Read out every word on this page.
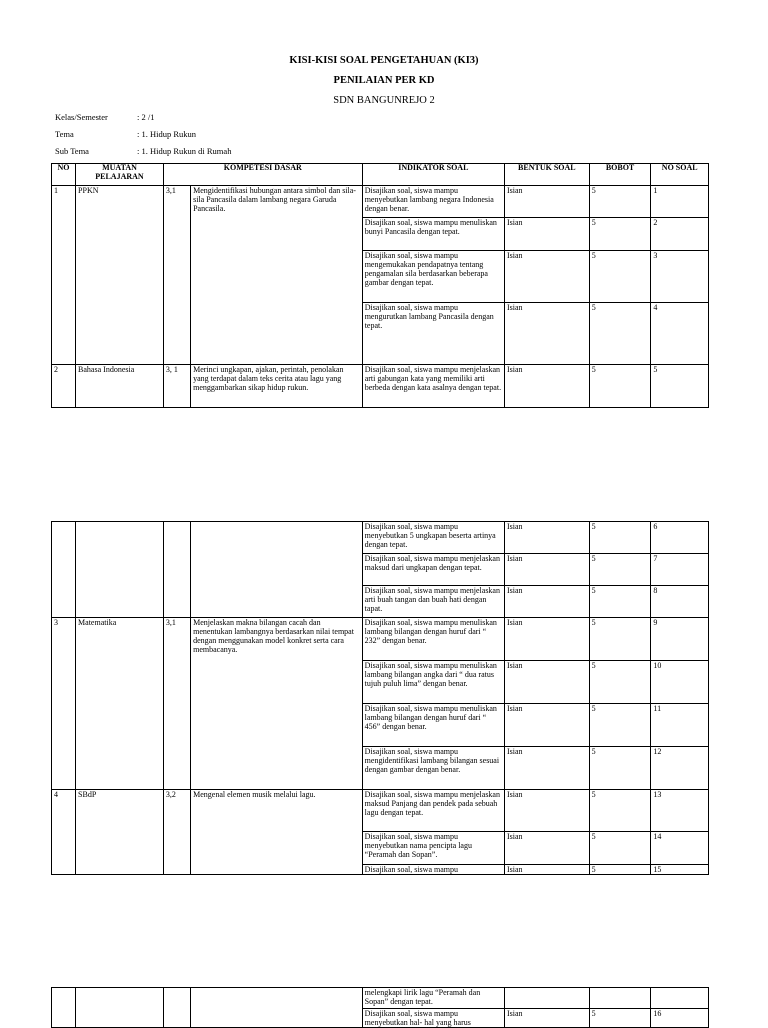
KISI-KISI SOAL PENGETAHUAN (KI3)
PENILAIAN PER KD
SDN BANGUNREJO 2
Kelas/Semester	: 2 /1
Tema	: 1. Hidup Rukun
Sub Tema	: 1. Hidup Rukun di Rumah
NO	MUATAN PELAJARAN	KOMPETESI DASAR		INDIKATOR SOAL	BENTUK SOAL	BOBOT	NO SOAL
1	PPKN	3,1	Mengidentifikasi hubungan antara simbol dan sila-sila Pancasila dalam lambang negara Garuda Pancasila.	Disajikan soal, siswa mampu menyebutkan lambang negara Indonesia dengan benar.	Isian	5	1
				Disajikan soal, siswa mampu menuliskan bunyi Pancasila dengan tepat.	Isian	5	2
				Disajikan soal, siswa mampu mengemukakan pendapatnya tentang pengamalan sila berdasarkan beberapa gambar dengan tepat.	Isian	5	3
				Disajikan soal, siswa mampu mengurutkan lambang Pancasila dengan tepat.	Isian	5	4
2	Bahasa Indonesia	3, 1	Merinci ungkapan, ajakan, perintah, penolakan yang terdapat dalam teks cerita atau lagu yang menggambarkan sikap hidup rukun.	Disajikan soal, siswa mampu menjelaskan arti gabungan kata yang memiliki arti berbeda dengan kata asalnya dengan tepat.	Isian	5	5
				Disajikan soal, siswa mampu menyebutkan 5 ungkapan beserta artinya dengan tepat.	Isian	5	6
				Disajikan soal, siswa mampu menjelaskan maksud dari ungkapan dengan tepat.	Isian	5	7
				Disajikan soal, siswa mampu menjelaskan arti buah tangan dan buah hati dengan tapat.	Isian	5	8
3	Matematika	3,1	Menjelaskan makna bilangan cacah dan menentukan lambangnya berdasarkan nilai tempat dengan menggunakan model konkret serta cara membacanya.	Disajikan soal, siswa mampu menuliskan lambang bilangan dengan huruf dari “ 232” dengan benar.	Isian	5	9
				Disajikan soal, siswa mampu menuliskan lambang bilangan angka dari “ dua ratus tujuh puluh lima” dengan benar.	Isian	5	10
				Disajikan soal, siswa mampu menuliskan lambang bilangan dengan huruf dari “ 456” dengan benar.	Isian	5	11
				Disajikan soal, siswa mampu mengidentifikasi lambang bilangan sesuai dengan gambar dengan benar.	Isian	5	12
4	SBdP	3,2	Mengenal elemen musik melalui lagu.	Disajikan soal, siswa mampu menjelaskan maksud Panjang dan pendek pada sebuah lagu dengan tepat.	Isian	5	13
				Disajikan soal, siswa mampu menyebutkan nama pencipta lagu “Peramah dan Sopan”.	Isian	5	14
				Disajikan soal, siswa mampu	Isian	5	15
				melengkapi lirik lagu “Peramah dan Sopan” dengan tepat.			
				Disajikan soal, siswa mampu menyebutkan hal- hal yang harus	Isian	5	16
